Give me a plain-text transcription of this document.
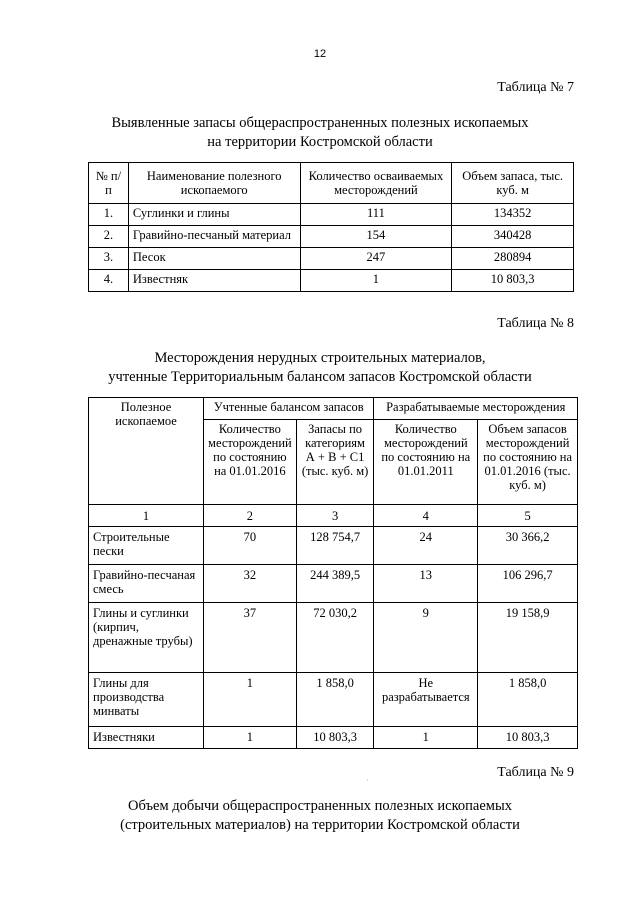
12
Таблица № 7
Выявленные запасы общераспространенных полезных ископаемых
на территории Костромской области
№ п/п	Наименование полезного ископаемого	Количество осваиваемых месторождений	Объем запаса, тыс. куб. м
1.	Суглинки и глины	111	134352
2.	Гравийно-песчаный материал	154	340428
3.	Песок	247	280894
4.	Известняк	1	10 803,3
Таблица № 8
Месторождения нерудных строительных материалов,
учтенные Территориальным балансом запасов Костромской области
Полезное ископаемое	Учтенные балансом запасов		Разрабатываемые месторождения	
	Количество месторождений по состоянию на 01.01.2016	Запасы по категориям А + В + С1 (тыс. куб. м)	Количество месторождений по состоянию на 01.01.2011	Объем запасов месторождений по состоянию на 01.01.2016 (тыс. куб. м)
1	2	3	4	5
Строительные пески	70	128 754,7	24	30 366,2
Гравийно-песчаная смесь	32	244 389,5	13	106 296,7
Глины и суглинки (кирпич, дренажные трубы)	37	72 030,2	9	19 158,9
Глины для производства минваты	1	1 858,0	Не разрабатывается	1 858,0
Известняки	1	10 803,3	1	10 803,3
·
Таблица № 9
Объем добычи общераспространенных полезных ископаемых
(строительных материалов) на территории Костромской области
